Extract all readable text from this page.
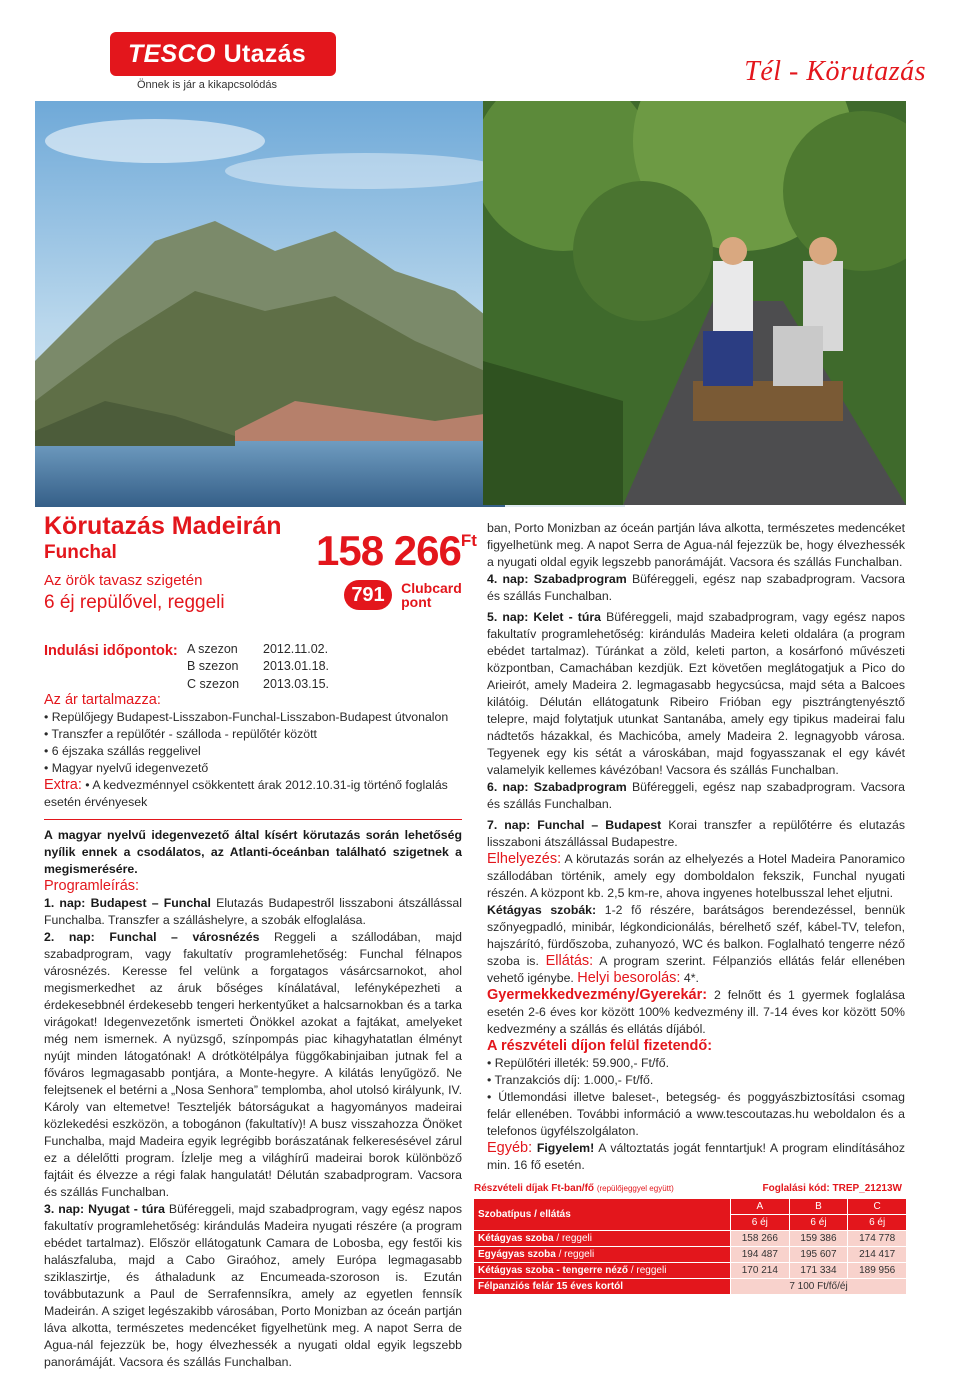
TESCO Utazás
Önnek is jár a kikapcsolódás	Tél - Körutazás
Körutazás Madeirán
Funchal
Az örök tavasz szigetén
6 éj repülővel, reggeli
158 266Ft
791 Clubcard
pont
Indulási időpontok: A szezon 2012.11.02.
B szezon 2013.01.18.
C szezon 2013.03.15.
Az ár tartalmazza:
• Repülőjegy Budapest-Lisszabon-Funchal-Lisszabon-Budapest útvonalon
• Transzfer a repülőtér - szálloda - repülőtér között
• 6 éjszaka szállás reggelivel
• Magyar nyelvű idegenvezető
Extra: • A kedvezménnyel csökkentett árak 2012.10.31-ig történő foglalás
esetén érvényesek
A magyar nyelvű idegenvezető által kísért körutazás során lehetőség nyílik ennek a csodálatos, az Atlanti-óceánban található szigetnek a megismerésére.
Programleírás:
1. nap: Budapest – Funchal Elutazás Budapestről lisszaboni átszállással Funchalba. Transzfer a szálláshelyre, a szobák elfoglalása.
2. nap: Funchal – városnézés Reggeli a szállodában, majd szabadprogram, vagy fakultatív programlehetőség: Funchal félnapos városnézés. Keresse fel velünk a forgatagos vásárcsarnokot, ahol megismerkedhet az áruk bőséges kínálatával, lefényképezheti a érdekesebbnél érdekesebb tengeri herkentyűket a halcsarnokban és a tarka virágokat! Idegenvezetőnk ismerteti Önökkel azokat a fajtákat, amelyeket még nem ismernek. A nyüzsgő, színpompás piac kihagyhatatlan élményt nyújt minden látogatónak! A drótkötélpálya függőkabinjaiban jutnak fel a főváros legmagasabb pontjára, a Monte-hegyre. A kilátás lenyűgöző. Ne felejtsenek el betérni a „Nosa Senhora” templomba, ahol utolsó királyunk, IV. Károly van eltemetve! Teszteljék bátorságukat a hagyományos madeirai közlekedési eszközön, a tobogánon (fakultatív)! A busz visszahozza Önöket Funchalba, majd Madeira egyik legrégibb borászatának felkeresésével zárul ez a délelőtti program. Ízlelje meg a világhírű madeirai borok különböző fajtáit és élvezze a régi falak hangulatát! Délután szabadprogram. Vacsora és szállás Funchalban.
3. nap: Nyugat - túra Büféreggeli, majd szabadprogram, vagy egész napos fakultatív programlehetőség: kirándulás Madeira nyugati részére (a program ebédet tartalmaz). Először ellátogatunk Camara de Lobosba, egy festői kis halászfaluba, majd a Cabo Giraóhoz, amely Európa legmagasabb sziklaszirtje, és áthaladunk az Encumeada-szoroson is. Ezután továbbutazunk a Paul de Serrafennsíkra, amely az egyetlen fennsík Madeirán. A sziget legészakibb városában, Porto Monizban az óceán partján láva alkotta, természetes medencéket figyelhetünk meg. A napot Serra de Agua-nál fejezzük be, hogy élvezhessék a nyugati oldal egyik legszebb panorámáját. Vacsora és szállás Funchalban.
ban, Porto Monizban az óceán partján láva alkotta, természetes medencéket figyelhetünk meg. A napot Serra de Agua-nál fejezzük be, hogy élvezhessék a nyugati oldal egyik legszebb panorámáját. Vacsora és szállás Funchalban.
4. nap: Szabadprogram Büféreggeli, egész nap szabadprogram. Vacsora és szállás Funchalban.
5. nap: Kelet - túra Büféreggeli, majd szabadprogram, vagy egész napos fakultatív programlehetőség: kirándulás Madeira keleti oldalára (a program ebédet tartalmaz). Túránkat a zöld, keleti parton, a kosárfonó művészeti központban, Camachában kezdjük. Ezt követően meglátogatjuk a Pico do Arieirót, amely Madeira 2. legmagasabb hegycsúcsa, majd séta a Balcoes kilátóig. Délután ellátogatunk Ribeiro Frióban egy pisztrángtenyésztő telepre, majd folytatjuk utunkat Santanába, amely egy tipikus madeirai falu nádtetős házakkal, és Machicóba, amely Madeira 2. legnagyobb városa. Tegyenek egy kis sétát a városkában, majd fogyasszanak el egy kávét valamelyik kellemes kávézóban! Vacsora és szállás Funchalban.
6. nap: Szabadprogram Büféreggeli, egész nap szabadprogram. Vacsora és szállás Funchalban.
7. nap: Funchal – Budapest Korai transzfer a repülőtérre és elutazás lisszaboni átszállással Budapestre.
Elhelyezés: A körutazás során az elhelyezés a Hotel Madeira Panoramico szállodában történik, amely egy domboldalon fekszik, Funchal nyugati részén. A központ kb. 2,5 km-re, ahova ingyenes hotelbusszal lehet eljutni.
Kétágyas szobák: 1-2 fő részére, barátságos berendezéssel, bennük szőnyegpadló, minibár, légkondicionálás, bérelhető széf, kábel-TV, telefon, hajszárító, fürdőszoba, zuhanyozó, WC és balkon. Foglalható tengerre néző szoba is. Ellátás: A program szerint. Félpanziós ellátás felár ellenében vehető igénybe. Helyi besorolás: 4*.
Gyermekkedvezmény/Gyerekár: 2 felnőtt és 1 gyermek foglalása esetén 2-6 éves kor között 100% kedvezmény ill. 7-14 éves kor között 50% kedvezmény a szállás és ellátás díjából.
A részvételi díjon felül fizetendő:
• Repülőtéri illeték: 59.900,- Ft/fő.
• Tranzakciós díj: 1.000,- Ft/fő.
• Útlemondási illetve baleset-, betegség- és poggyászbiztosítási csomag felár ellenében. További információ a www.tescoutazas.hu weboldalon és a telefonos ügyfélszolgálaton.
Egyéb: Figyelem! A változtatás jogát fenntartjuk! A program elindításához min. 16 fő esetén.
Részvételi díjak Ft-ban/fő (repülőjeggyel együtt)	Foglalási kód: TREP_21213W
Szobatípus / ellátás	A	B	C
	6 éj	6 éj	6 éj
Kétágyas szoba / reggeli	158 266	159 386	174 778
Egyágyas szoba / reggeli	194 487	195 607	214 417
Kétágyas szoba - tengerre néző / reggeli	170 214	171 334	189 956
Félpanziós felár 15 éves kortól	7 100 Ft/fő/éj		
